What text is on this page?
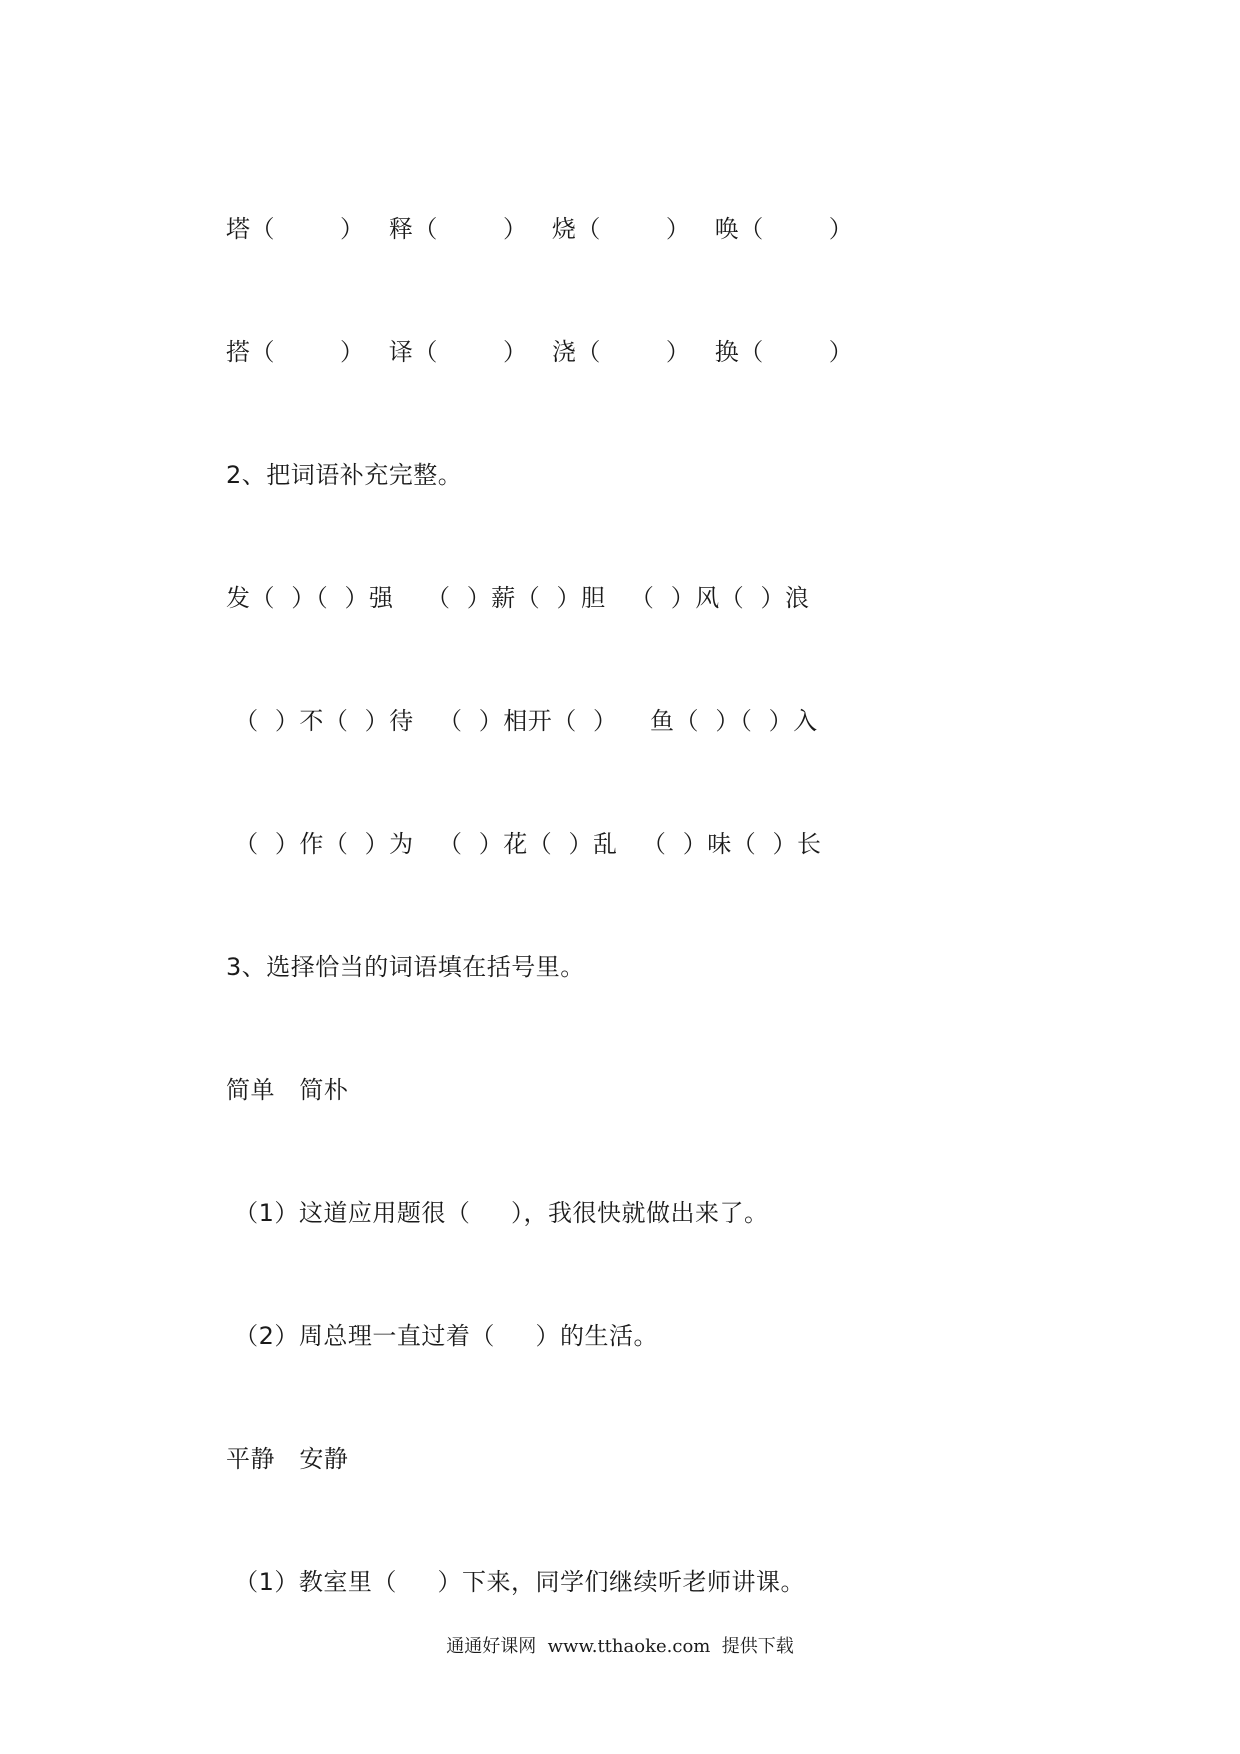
塔（        ）   释（        ）   烧（        ）   唤（        ）
搭（        ）   译（        ）   浇（        ）   换（        ）
2、把词语补充完整。
发（  ）（  ）强    （  ）薪（  ）胆   （  ）风（  ）浪
（  ）不（  ）待   （  ）相开（  ）    鱼（  ）（  ）入
（  ）作（  ）为   （  ）花（  ）乱   （  ）味（  ）长
3、选择恰当的词语填在括号里。
简单   简朴
（1）这道应用题很（     ），我很快就做出来了。
（2）周总理一直过着（     ）的生活。
平静   安静
（1）教室里（     ）下来，同学们继续听老师讲课。
通通好课网  www.tthaoke.com  提供下载
